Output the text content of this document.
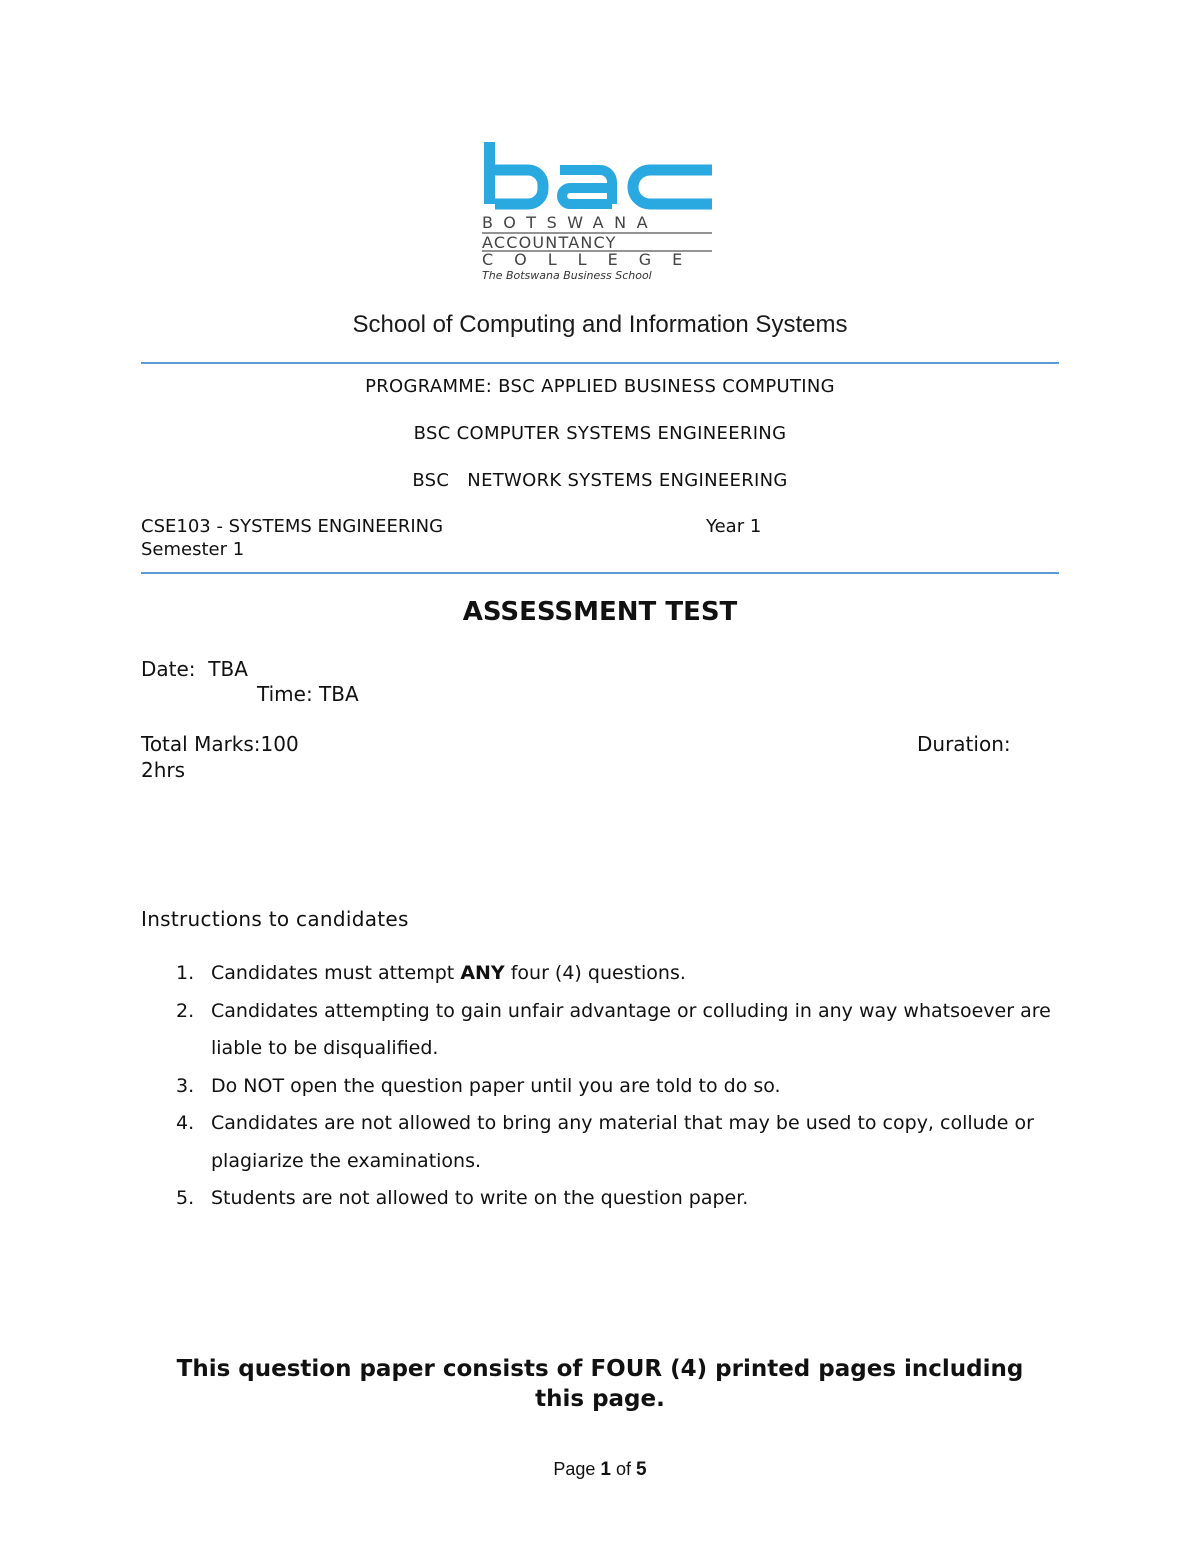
BOTSWANA
ACCOUNTANCY
COLLEGE
The Botswana Business School
School of Computing and Information Systems
PROGRAMME: BSC APPLIED BUSINESS COMPUTING
BSC COMPUTER SYSTEMS ENGINEERING
BSC   NETWORK SYSTEMS ENGINEERING
CSE103 - SYSTEMS ENGINEERING	Year 1
Semester 1
ASSESSMENT TEST
Date:  TBA
Time: TBA
Total Marks:100	Duration:
2hrs
Instructions to candidates
1. Candidates must attempt ANY four (4) questions.
2. Candidates attempting to gain unfair advantage or colluding in any way whatsoever are liable to be disqualified.
3. Do NOT open the question paper until you are told to do so.
4. Candidates are not allowed to bring any material that may be used to copy, collude or plagiarize the examinations.
5. Students are not allowed to write on the question paper.
This question paper consists of FOUR (4) printed pages including this page.
Page 1 of 5
